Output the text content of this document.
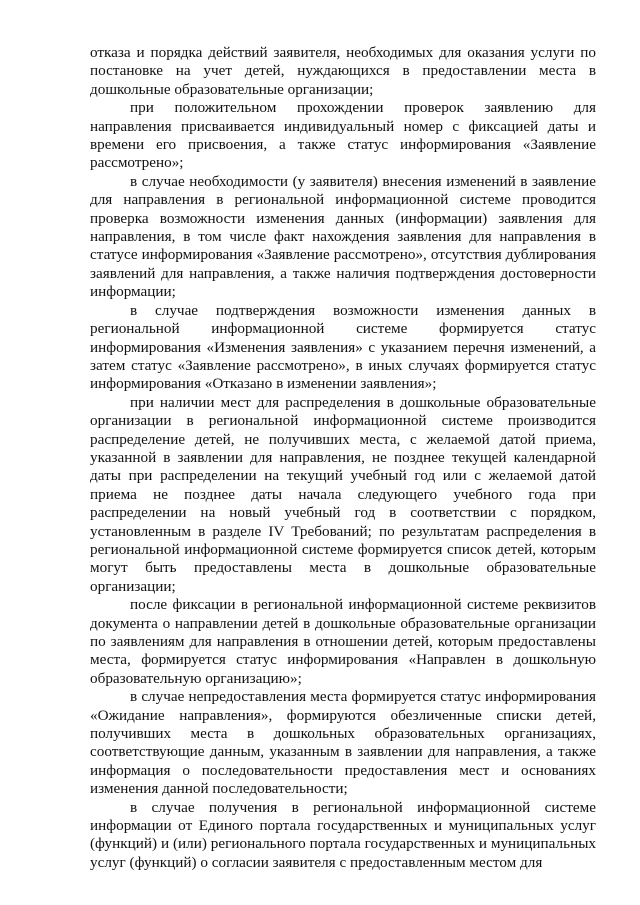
отказа и порядка действий заявителя, необходимых для оказания услуги по постановке на учет детей, нуждающихся в предоставлении места в дошкольные образовательные организации;

при положительном прохождении проверок заявлению для направления присваивается индивидуальный номер с фиксацией даты и времени его присвоения, а также статус информирования «Заявление рассмотрено»;

в случае необходимости (у заявителя) внесения изменений в заявление для направления в региональной информационной системе проводится проверка возможности изменения данных (информации) заявления для направления, в том числе факт нахождения заявления для направления в статусе информирования «Заявление рассмотрено», отсутствия дублирования заявлений для направления, а также наличия подтверждения достоверности информации;

в случае подтверждения возможности изменения данных в региональной информационной системе формируется статус информирования «Изменения заявления» с указанием перечня изменений, а затем статус «Заявление рассмотрено», в иных случаях формируется статус информирования «Отказано в изменении заявления»;

при наличии мест для распределения в дошкольные образовательные организации в региональной информационной системе производится распределение детей, не получивших места, с желаемой датой приема, указанной в заявлении для направления, не позднее текущей календарной даты при распределении на текущий учебный год или с желаемой датой приема не позднее даты начала следующего учебного года при распределении на новый учебный год в соответствии с порядком, установленным в разделе IV Требований; по результатам распределения в региональной информационной системе формируется список детей, которым могут быть предоставлены места в дошкольные образовательные организации;

после фиксации в региональной информационной системе реквизитов документа о направлении детей в дошкольные образовательные организации по заявлениям для направления в отношении детей, которым предоставлены места, формируется статус информирования «Направлен в дошкольную образовательную организацию»;

в случае непредоставления места формируется статус информирования «Ожидание направления», формируются обезличенные списки детей, получивших места в дошкольных образовательных организациях, соответствующие данным, указанным в заявлении для направления, а также информация о последовательности предоставления мест и основаниях изменения данной последовательности;

в случае получения в региональной информационной системе информации от Единого портала государственных и муниципальных услуг (функций) и (или) регионального портала государственных и муниципальных услуг (функций) о согласии заявителя с предоставленным местом для
